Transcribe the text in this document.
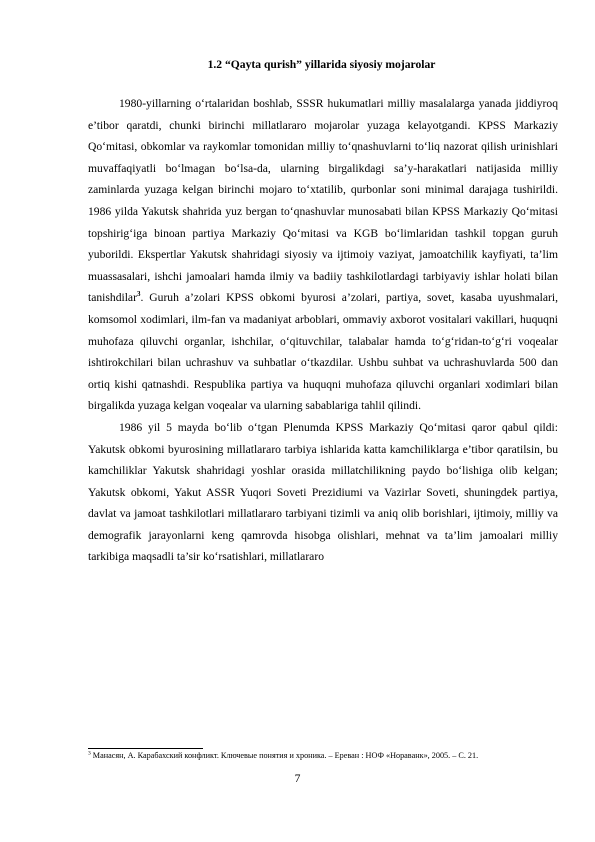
1.2 “Qayta qurish” yillarida siyosiy mojarolar

1980-yillarning o‘rtalaridan boshlab, SSSR hukumatlari milliy masalalarga yanada jiddiyroq e’tibor qaratdi, chunki birinchi millatlararo mojarolar yuzaga kelayotgandi. KPSS Markaziy Qo‘mitasi, obkomlar va raykomlar tomonidan milliy to‘qnashuvlarni to‘liq nazorat qilish urinishlari muvaffaqiyatli bo‘lmagan bo‘lsa-da, ularning birgalikdagi sa’y-harakatlari natijasida milliy zaminlarda yuzaga kelgan birinchi mojaro to‘xtatilib, qurbonlar soni minimal darajaga tushirildi. 1986 yilda Yakutsk shahrida yuz bergan to‘qnashuvlar munosabati bilan KPSS Markaziy Qo‘mitasi topshirig‘iga binoan partiya Markaziy Qo‘mitasi va KGB bo‘limlaridan tashkil topgan guruh yuborildi. Ekspertlar Yakutsk shahridagi siyosiy va ijtimoiy vaziyat, jamoatchilik kayfiyati, ta’lim muassasalari, ishchi jamoalari hamda ilmiy va badiiy tashkilotlardagi tarbiyaviy ishlar holati bilan tanishdilar$^3$. Guruh a’zolari KPSS obkomi byurosi a’zolari, partiya, sovet, kasaba uyushmalari, komsomol xodimlari, ilm-fan va madaniyat arboblari, ommaviy axborot vositalari vakillari, huquqni muhofaza qiluvchi organlar, ishchilar, o‘qituvchilar, talabalar hamda to‘g‘ridan-to‘g‘ri voqealar ishtirokchilari bilan uchrashuv va suhbatlar o‘tkazdilar. Ushbu suhbat va uchrashuvlarda 500 dan ortiq kishi qatnashdi. Respublika partiya va huquqni muhofaza qiluvchi organlari xodimlari bilan birgalikda yuzaga kelgan voqealar va ularning sabablariga tahlil qilindi.

1986 yil 5 mayda bo‘lib o‘tgan Plenumda KPSS Markaziy Qo‘mitasi qaror qabul qildi: Yakutsk obkomi byurosining millatlararo tarbiya ishlarida katta kamchiliklarga e’tibor qaratilsin, bu kamchiliklar Yakutsk shahridagi yoshlar orasida millatchilikning paydo bo‘lishiga olib kelgan; Yakutsk obkomi, Yakut ASSR Yuqori Soveti Prezidiumi va Vazirlar Soveti, shuningdek partiya, davlat va jamoat tashkilotlari millatlararo tarbiyani tizimli va aniq olib borishlari, ijtimoiy, milliy va demografik jarayonlarni keng qamrovda hisobga olishlari, mehnat va ta’lim jamoalari milliy tarkibiga maqsadli ta’sir ko‘rsatishlari, millatlararo

$^3$ Манасян, А. Карабахский конфликт. Ключевые понятия и хроника. – Ереван : НОФ «Нораванк», 2005. – С. 21.
7
